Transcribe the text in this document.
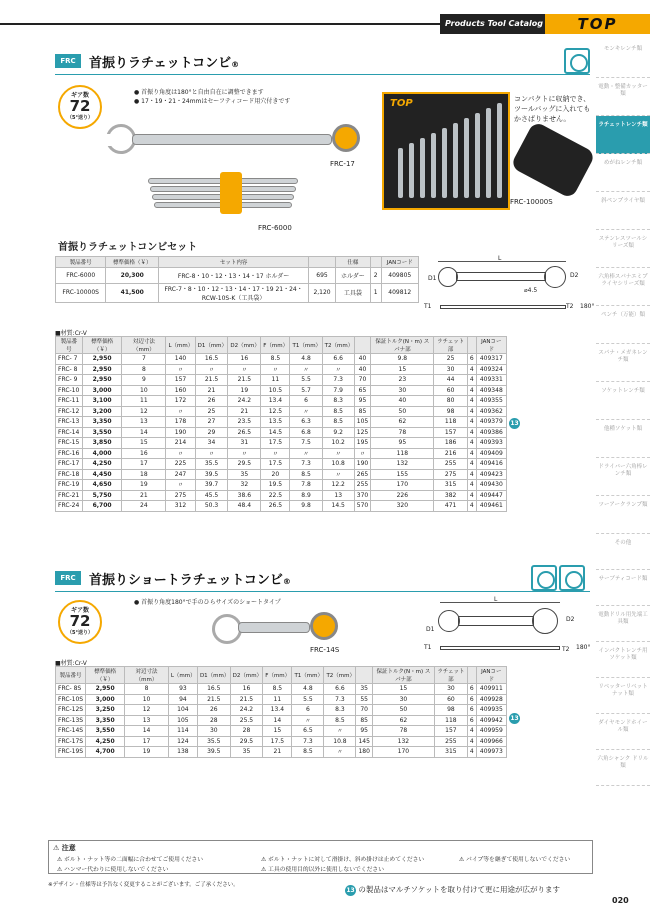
Products Tool Catalog	TOP
モンキレンチ類
電動・整備カッター類
ラチェットレンチ類
めがねレンチ類
斜ペンプライヤ類
ステンレスツールシリーズ類
六角棒スパナエミプライヤシリーズ類
ペンチ（万能）類
スパナ・メガネレンチ類
ソケットレンチ類
他種ソケット類
ドライバー六角棒レンチ類
ツーアークランプ類
その他
サーブティコード類
電動ドリル用先端工具類
インパクトレンチ用ソケット類
リベッターリベットナット類
ダイヤモンドホイール類
六角シャンク ドリル類
FRC	首振りラチェットコンビ®
ギア数
72
（5°送り）
● 首振り角度は180°と自由自在に調整できます
● 17・19・21・24mmはセーフティコード用穴付きです
FRC-17
FRC-6000
TOP	コンパクトに収納でき、ツールバッグに入れてもかさばりません。
FRC-10000S
首振りラチェットコンビセット
製品番号	標準価格（￥）	セット内容		仕様		JANコード
FRC-6000	20,300	FRC-8・10・12・13・14・17 ホルダー	695	ホルダー	2	409805
FRC-10000S	41,500	FRC-7・8・10・12・13・14・17・19 21・24・RCW-10S-K（工具袋）	2,120	工具袋	1	409812
L
D1	D2
⌀4.5
T1	T2 180°
■材質:Cr-V
製品番号	標準価格（￥）	対辺寸法（mm）	L（mm）	D1（mm）	D2（mm）	F（mm）	T1（mm）	T2（mm）		保証トルク(N・m) スパナ部	ラチェット部		JANコード
FRC- 7	2,950	7	140	16.5	16	8.5	4.8	6.6	40	9.8	25	6	409317
FRC- 8	2,950	8	〃	〃	〃	〃	〃	〃	40	15	30	4	409324
FRC- 9	2,950	9	157	21.5	21.5	11	5.5	7.3	70	23	44	4	409331
FRC-10	3,000	10	160	21	19	10.5	5.7	7.9	65	30	60	4	409348
FRC-11	3,100	11	172	26	24.2	13.4	6	8.3	95	40	80	4	409355
FRC-12	3,200	12	〃	25	21	12.5	〃	8.5	85	50	98	4	409362
FRC-13	3,350	13	178	27	23.5	13.5	6.3	8.5	105	62	118	4	409379
FRC-14	3,550	14	190	29	26.5	14.5	6.8	9.2	125	78	157	4	409386
FRC-15	3,850	15	214	34	31	17.5	7.5	10.2	195	95	186	4	409393
FRC-16	4,000	16	〃	〃	〃	〃	〃	〃	〃	118	216	4	409409
FRC-17	4,250	17	225	35.5	29.5	17.5	7.3	10.8	190	132	255	4	409416
FRC-18	4,450	18	247	39.5	35	20	8.5	〃	265	155	275	4	409423
FRC-19	4,650	19	〃	39.7	32	19.5	7.8	12.2	255	170	315	4	409430
FRC-21	5,750	21	275	45.5	38.6	22.5	8.9	13	370	226	382	4	409447
FRC-24	6,700	24	312	50.3	48.4	26.5	9.8	14.5	570	320	471	4	409461
13
FRC	首振りショートラチェットコンビ®
ギア数
72
（5°送り）
● 首振り角度180°で手のひらサイズのショートタイプ
FRC-14S
L
D1
D2
T1	T2 180°
■材質:Cr-V
製品番号	標準価格（￥）	対辺寸法（mm）	L（mm）	D1（mm）	D2（mm）	F（mm）	T1（mm）	T2（mm）		保証トルク(N・m) スパナ部	ラチェット部		JANコード
FRC- 8S	2,950	8	93	16.5	16	8.5	4.8	6.6	35	15	30	6	409911
FRC-10S	3,000	10	94	21.5	21.5	11	5.5	7.3	55	30	60	6	409928
FRC-12S	3,250	12	104	26	24.2	13.4	6	8.3	70	50	98	6	409935
FRC-13S	3,350	13	105	28	25.5	14	〃	8.5	85	62	118	6	409942
FRC-14S	3,550	14	114	30	28	15	6.5	〃	95	78	157	4	409959
FRC-17S	4,250	17	124	35.5	29.5	17.5	7.3	10.8	145	132	255	4	409966
FRC-19S	4,700	19	138	39.5	35	21	8.5	〃	180	170	315	4	409973
13
⚠ 注意
⚠ ボルト・ナット等の二面幅に合わせてご使用ください	⚠ ボルト・ナットに対して滑掛け、斜め掛けは止めてください	⚠ パイプ等を継ぎて使用しないでください
⚠ ハンマー代わりに使用しないでください	⚠ 工具の使用目的以外に使用しないでください
※デザイン・仕様等は予告なく変更することがございます。ご了承ください。
13 の製品はマルチソケットを取り付けて更に用途が広がります
020
